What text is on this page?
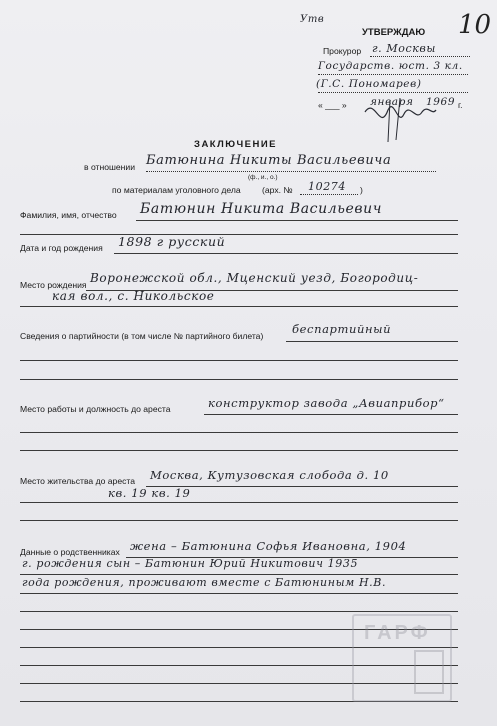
Утв
УТВЕРЖДАЮ 10
Прокурор г. Москвы
Государств. юст. 3 кл.
(Г.С. Пономарев)
« ___ » января 1969 г.
ЗАКЛЮЧЕНИЕ
в отношении Батюнина Никиты Васильевича
(ф., и., о.)
по материалам уголовного дела (арх. № 10274 )
Фамилия, имя, отчество Батюнин Никита Васильевич
Дата и год рождения 1898 г русский
Место рождения Воронежской обл., Мценский уезд, Богородиц-
кая вол., с. Никольское
Сведения о партийности (в том числе № партийного билета) беспартийный
Место работы и должность до ареста	конструктор завода „Авиаприбор“
Место жительства до ареста Москва, Кутузовская слобода д. 10
кв. 19 кв. 19
Данные о родственниках жена – Батюнина Софья Ивановна, 1904
г. рождения сын – Батюнин Юрий Никитович 1935
года рождения, проживают вместе с Батюниным Н.В.
ГАРФ
